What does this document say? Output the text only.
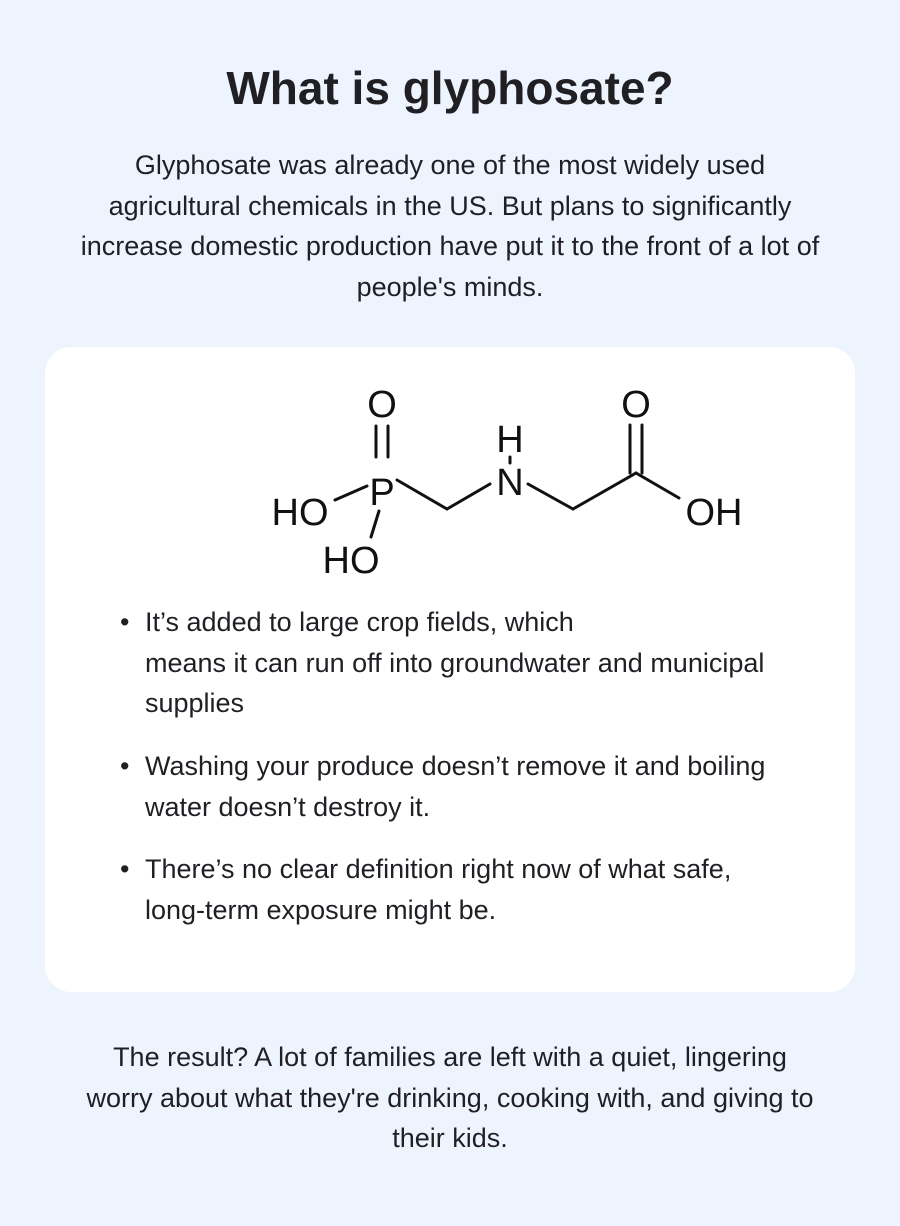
What is glyphosate?

Glyphosate was already one of the most widely used agricultural chemicals in the US. But plans to significantly increase domestic production have put it to the front of a lot of people's minds.

O
P
HO
HO
H
N
O
OH
• It’s added to large crop fields, which
means it can run off into groundwater and municipal supplies
• Washing your produce doesn’t remove it and boiling water doesn’t destroy it.
• There’s no clear definition right now of what safe, long-term exposure might be.

The result? A lot of families are left with a quiet, lingering worry about what they're drinking, cooking with, and giving to their kids.
